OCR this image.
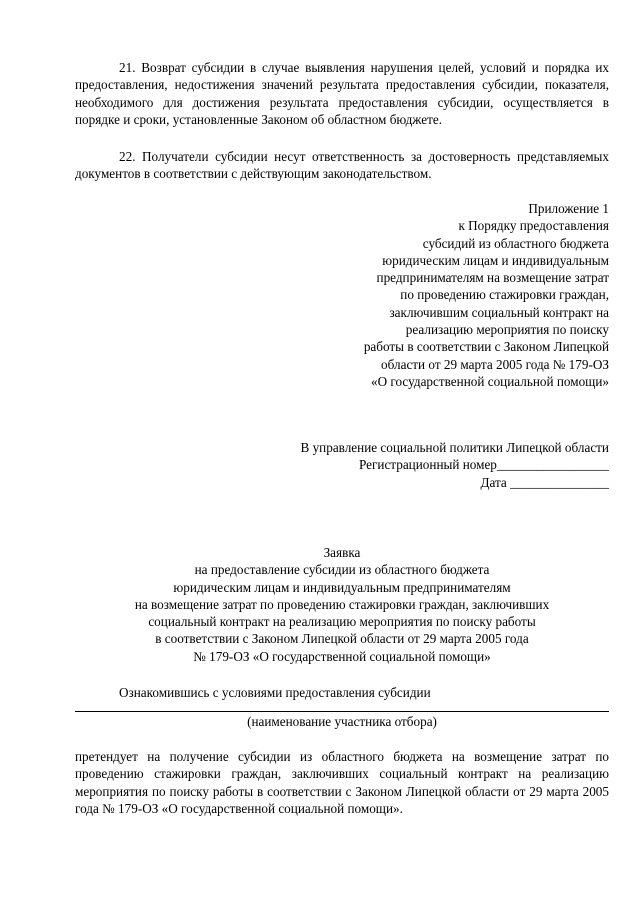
21. Возврат субсидии в случае выявления нарушения целей, условий и порядка их предоставления, недостижения значений результата предоставления субсидии, показателя, необходимого для достижения результата предоставления субсидии, осуществляется в порядке и сроки, установленные Законом об областном бюджете.

22. Получатели субсидии несут ответственность за достоверность представляемых документов в соответствии с действующим законодательством.

Приложение 1

к Порядку предоставления

субсидий из областного бюджета

юридическим лицам и индивидуальным

предпринимателям на возмещение затрат

по проведению стажировки граждан,

заключившим социальный контракт на

реализацию мероприятия по поиску

работы в соответствии с Законом Липецкой

области от 29 марта 2005 года № 179-ОЗ

«О государственной социальной помощи»

В управление социальной политики Липецкой области

Регистрационный номер_________________

Дата _______________

Заявка

на предоставление субсидии из областного бюджета

юридическим лицам и индивидуальным предпринимателям

на возмещение затрат по проведению стажировки граждан, заключивших

социальный контракт на реализацию мероприятия по поиску работы

в соответствии с Законом Липецкой области от 29 марта 2005 года

№ 179-ОЗ «О государственной социальной помощи»

Ознакомившись с условиями предоставления субсидии

(наименование участника отбора)

претендует на получение субсидии из областного бюджета на возмещение затрат по проведению стажировки граждан, заключивших социальный контракт на реализацию мероприятия по поиску работы в соответствии с Законом Липецкой области от 29 марта 2005 года № 179-ОЗ «О государственной социальной помощи».
